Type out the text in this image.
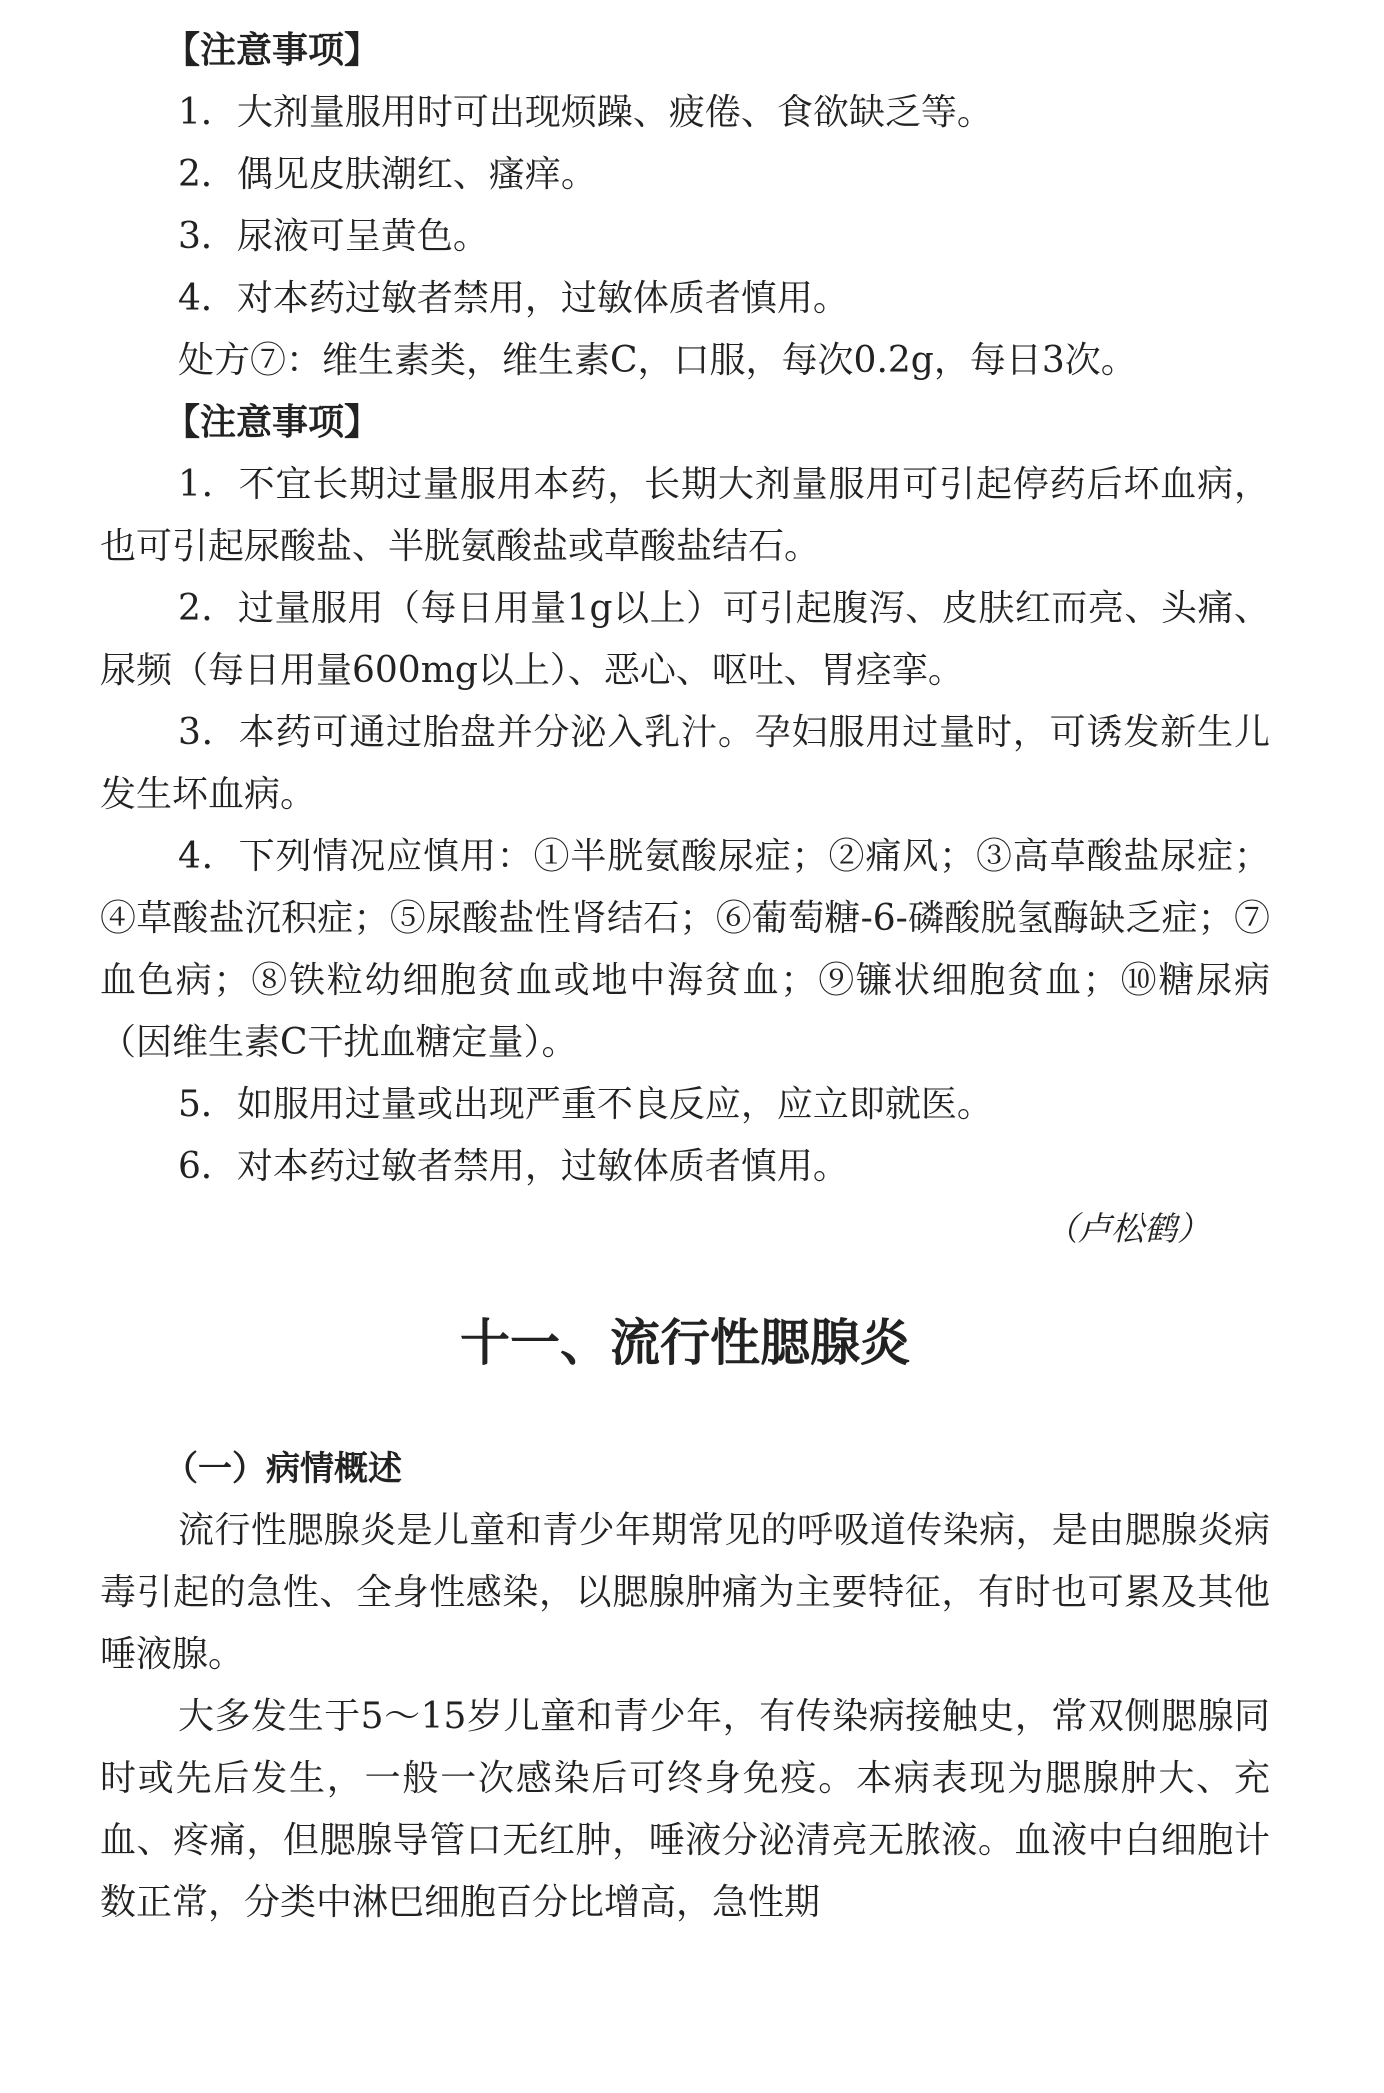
【注意事项】

1．大剂量服用时可出现烦躁、疲倦、食欲缺乏等。

2．偶见皮肤潮红、瘙痒。

3．尿液可呈黄色。

4．对本药过敏者禁用，过敏体质者慎用。

处方⑦：维生素类，维生素C，口服，每次0.2g，每日3次。

【注意事项】

1．不宜长期过量服用本药，长期大剂量服用可引起停药后坏血病，也可引起尿酸盐、半胱氨酸盐或草酸盐结石。

2．过量服用（每日用量1g以上）可引起腹泻、皮肤红而亮、头痛、尿频（每日用量600mg以上）、恶心、呕吐、胃痉挛。

3．本药可通过胎盘并分泌入乳汁。孕妇服用过量时，可诱发新生儿发生坏血病。

4．下列情况应慎用：①半胱氨酸尿症；②痛风；③高草酸盐尿症；④草酸盐沉积症；⑤尿酸盐性肾结石；⑥葡萄糖-6-磷酸脱氢酶缺乏症；⑦血色病；⑧铁粒幼细胞贫血或地中海贫血；⑨镰状细胞贫血；⑩糖尿病（因维生素C干扰血糖定量）。

5．如服用过量或出现严重不良反应，应立即就医。

6．对本药过敏者禁用，过敏体质者慎用。

（卢松鹤）

十一、流行性腮腺炎

（一）病情概述

流行性腮腺炎是儿童和青少年期常见的呼吸道传染病，是由腮腺炎病毒引起的急性、全身性感染，以腮腺肿痛为主要特征，有时也可累及其他唾液腺。

大多发生于5～15岁儿童和青少年，有传染病接触史，常双侧腮腺同时或先后发生，一般一次感染后可终身免疫。本病表现为腮腺肿大、充血、疼痛，但腮腺导管口无红肿，唾液分泌清亮无脓液。血液中白细胞计数正常，分类中淋巴细胞百分比增高，急性期
